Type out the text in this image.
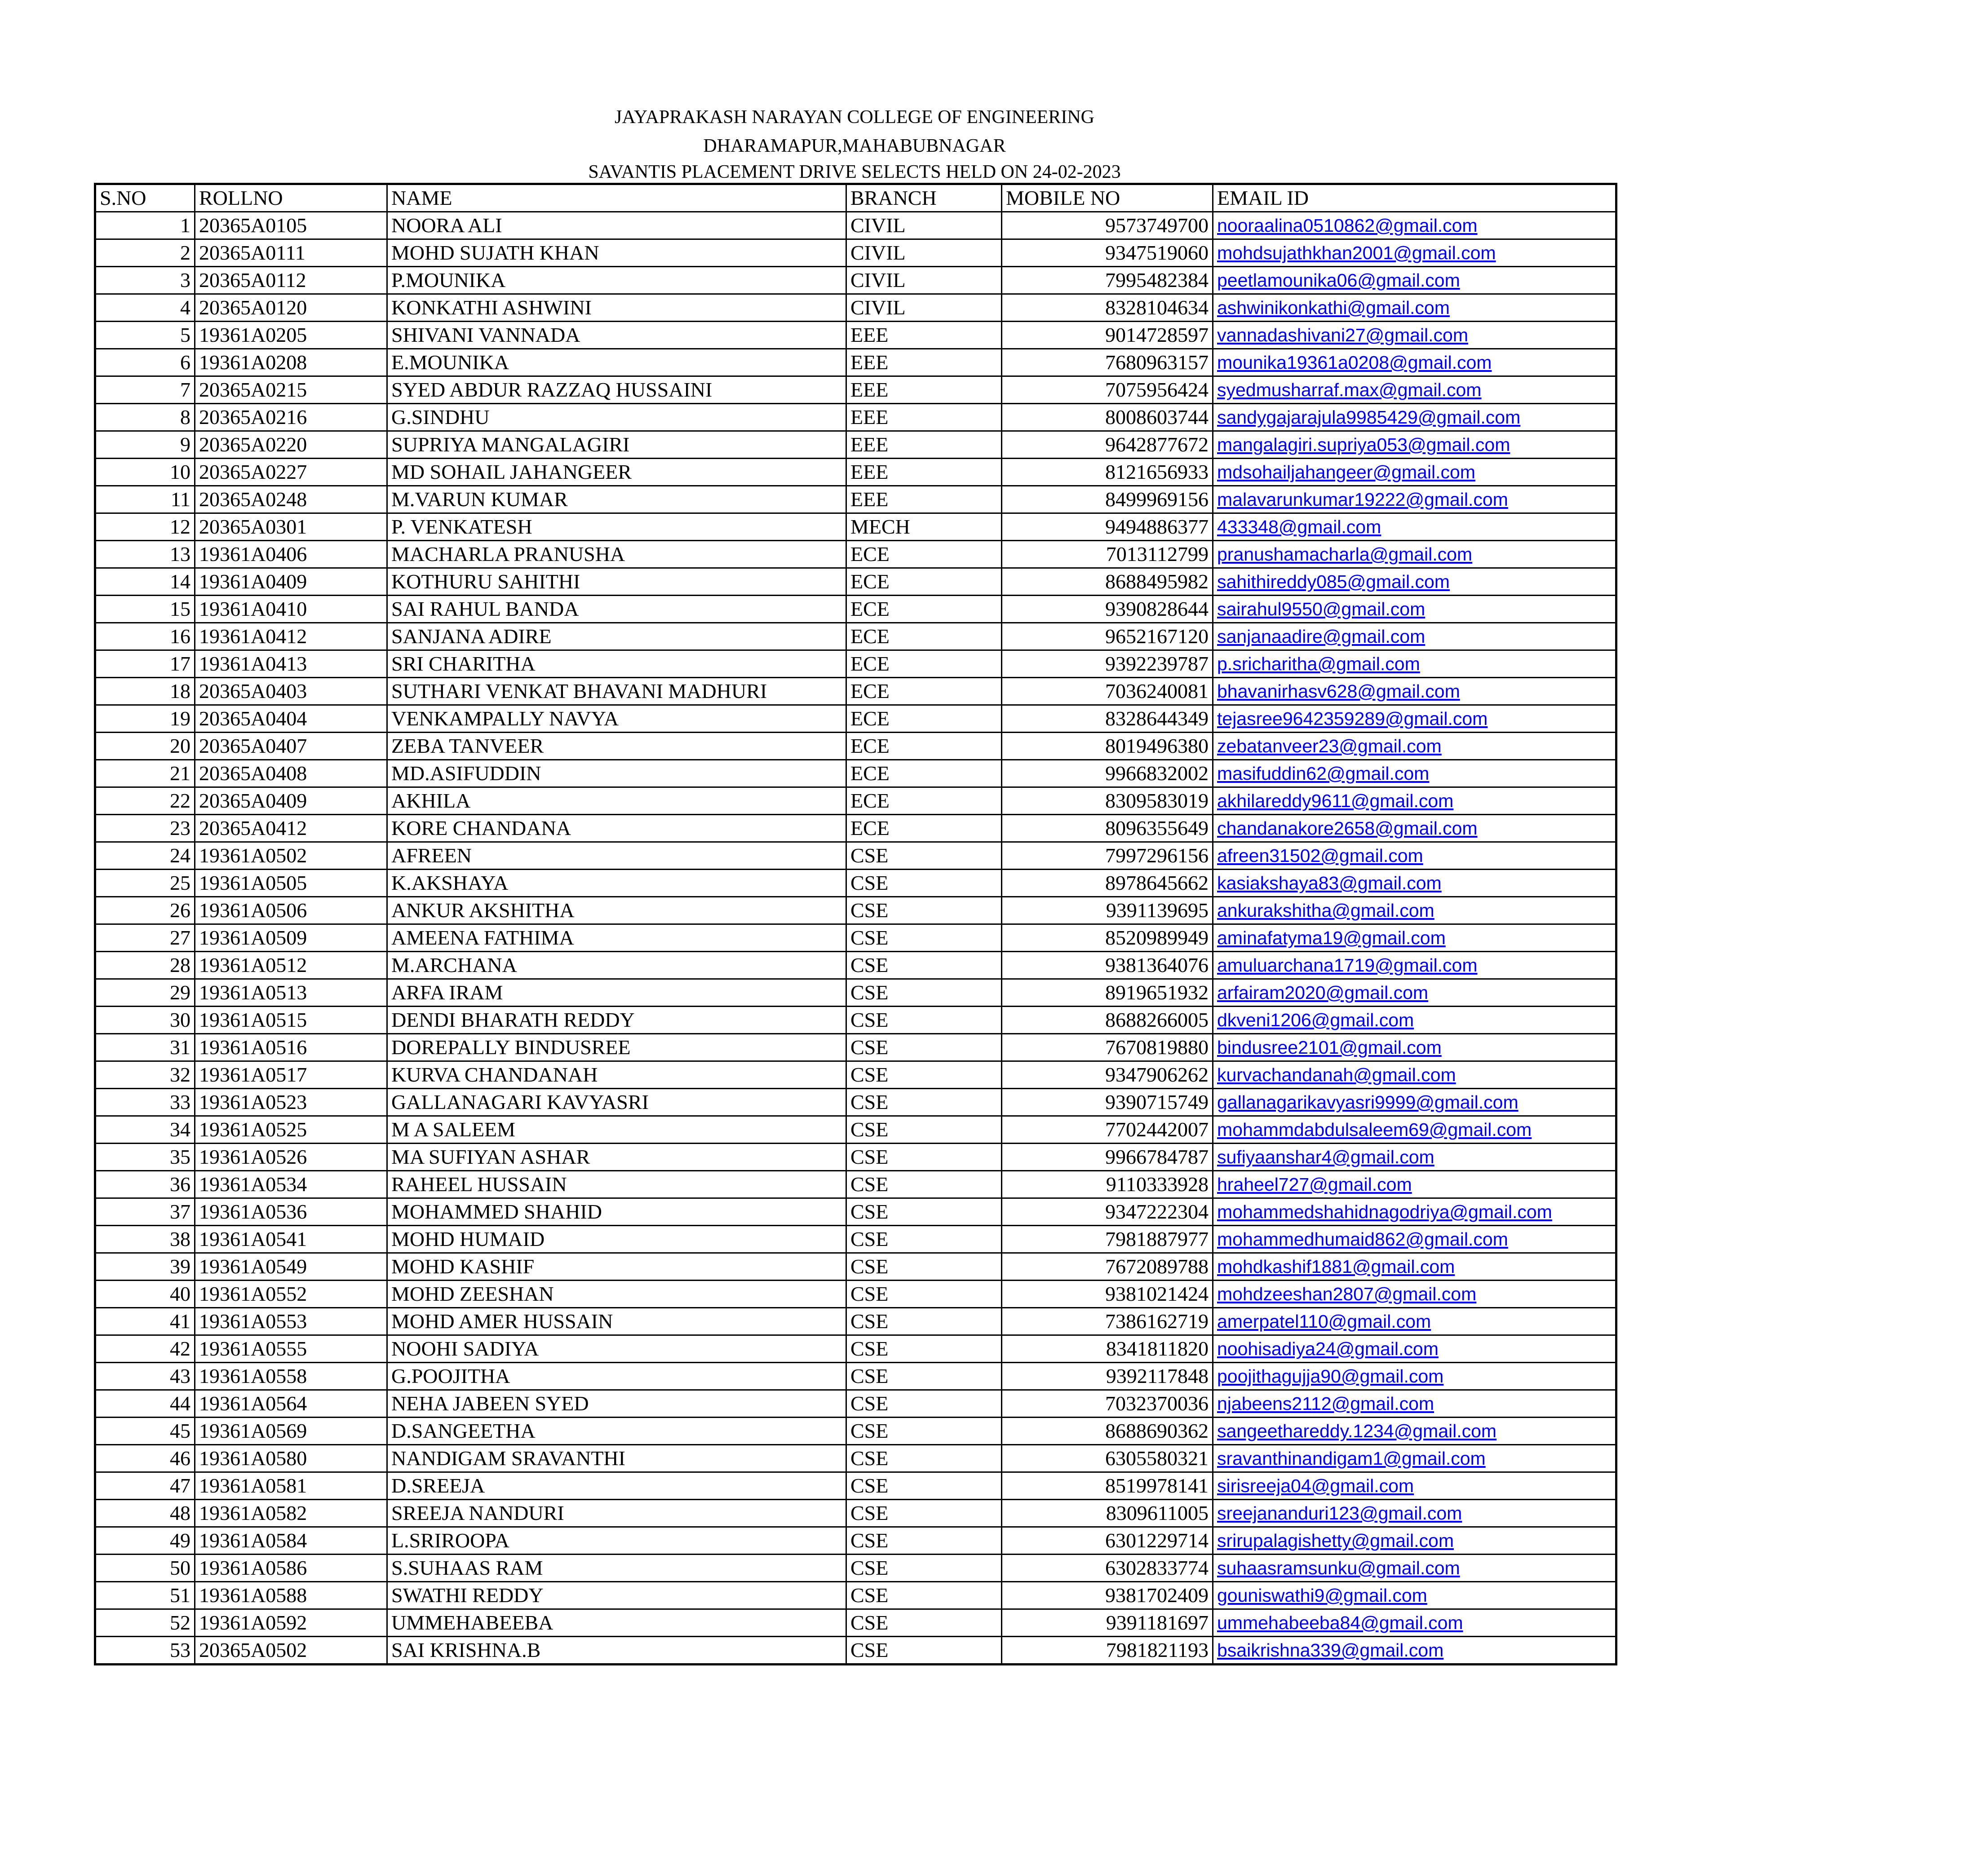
JAYAPRAKASH NARAYAN COLLEGE OF ENGINEERING
DHARAMAPUR,MAHABUBNAGAR
SAVANTIS PLACEMENT DRIVE SELECTS HELD ON 24-02-2023
S.NO	ROLLNO	NAME	BRANCH	MOBILE NO	EMAIL ID
1	20365A0105	NOORA ALI	CIVIL	9573749700	nooraalina0510862@gmail.com
2	20365A0111	MOHD SUJATH KHAN	CIVIL	9347519060	mohdsujathkhan2001@gmail.com
3	20365A0112	P.MOUNIKA	CIVIL	7995482384	peetlamounika06@gmail.com
4	20365A0120	KONKATHI ASHWINI	CIVIL	8328104634	ashwinikonkathi@gmail.com
5	19361A0205	SHIVANI VANNADA	EEE	9014728597	vannadashivani27@gmail.com
6	19361A0208	E.MOUNIKA	EEE	7680963157	mounika19361a0208@gmail.com
7	20365A0215	SYED ABDUR RAZZAQ HUSSAINI	EEE	7075956424	syedmusharraf.max@gmail.com
8	20365A0216	G.SINDHU	EEE	8008603744	sandygajarajula9985429@gmail.com
9	20365A0220	SUPRIYA MANGALAGIRI	EEE	9642877672	mangalagiri.supriya053@gmail.com
10	20365A0227	MD SOHAIL JAHANGEER	EEE	8121656933	mdsohailjahangeer@gmail.com
11	20365A0248	M.VARUN KUMAR	EEE	8499969156	malavarunkumar19222@gmail.com
12	20365A0301	P. VENKATESH	MECH	9494886377	433348@gmail.com
13	19361A0406	MACHARLA PRANUSHA	ECE	7013112799	pranushamacharla@gmail.com
14	19361A0409	KOTHURU SAHITHI	ECE	8688495982	sahithireddy085@gmail.com
15	19361A0410	SAI RAHUL BANDA	ECE	9390828644	sairahul9550@gmail.com
16	19361A0412	SANJANA ADIRE	ECE	9652167120	sanjanaadire@gmail.com
17	19361A0413	SRI CHARITHA	ECE	9392239787	p.sricharitha@gmail.com
18	20365A0403	SUTHARI VENKAT BHAVANI MADHURI	ECE	7036240081	bhavanirhasv628@gmail.com
19	20365A0404	VENKAMPALLY NAVYA	ECE	8328644349	tejasree9642359289@gmail.com
20	20365A0407	ZEBA TANVEER	ECE	8019496380	zebatanveer23@gmail.com
21	20365A0408	MD.ASIFUDDIN	ECE	9966832002	masifuddin62@gmail.com
22	20365A0409	AKHILA	ECE	8309583019	akhilareddy9611@gmail.com
23	20365A0412	KORE CHANDANA	ECE	8096355649	chandanakore2658@gmail.com
24	19361A0502	AFREEN	CSE	7997296156	afreen31502@gmail.com
25	19361A0505	K.AKSHAYA	CSE	8978645662	kasiakshaya83@gmail.com
26	19361A0506	ANKUR AKSHITHA	CSE	9391139695	ankurakshitha@gmail.com
27	19361A0509	AMEENA FATHIMA	CSE	8520989949	aminafatyma19@gmail.com
28	19361A0512	M.ARCHANA	CSE	9381364076	amuluarchana1719@gmail.com
29	19361A0513	ARFA IRAM	CSE	8919651932	arfairam2020@gmail.com
30	19361A0515	DENDI BHARATH REDDY	CSE	8688266005	dkveni1206@gmail.com
31	19361A0516	DOREPALLY BINDUSREE	CSE	7670819880	bindusree2101@gmail.com
32	19361A0517	KURVA CHANDANAH	CSE	9347906262	kurvachandanah@gmail.com
33	19361A0523	GALLANAGARI KAVYASRI	CSE	9390715749	gallanagarikavyasri9999@gmail.com
34	19361A0525	M A SALEEM	CSE	7702442007	mohammdabdulsaleem69@gmail.com
35	19361A0526	MA SUFIYAN ASHAR	CSE	9966784787	sufiyaanshar4@gmail.com
36	19361A0534	RAHEEL HUSSAIN	CSE	9110333928	hraheel727@gmail.com
37	19361A0536	MOHAMMED SHAHID	CSE	9347222304	mohammedshahidnagodriya@gmail.com
38	19361A0541	MOHD HUMAID	CSE	7981887977	mohammedhumaid862@gmail.com
39	19361A0549	MOHD KASHIF	CSE	7672089788	mohdkashif1881@gmail.com
40	19361A0552	MOHD ZEESHAN	CSE	9381021424	mohdzeeshan2807@gmail.com
41	19361A0553	MOHD AMER HUSSAIN	CSE	7386162719	amerpatel110@gmail.com
42	19361A0555	NOOHI SADIYA	CSE	8341811820	noohisadiya24@gmail.com
43	19361A0558	G.POOJITHA	CSE	9392117848	poojithagujja90@gmail.com
44	19361A0564	NEHA JABEEN SYED	CSE	7032370036	njabeens2112@gmail.com
45	19361A0569	D.SANGEETHA	CSE	8688690362	sangeethareddy.1234@gmail.com
46	19361A0580	NANDIGAM SRAVANTHI	CSE	6305580321	sravanthinandigam1@gmail.com
47	19361A0581	D.SREEJA	CSE	8519978141	sirisreeja04@gmail.com
48	19361A0582	SREEJA NANDURI	CSE	8309611005	sreejananduri123@gmail.com
49	19361A0584	L.SRIROOPA	CSE	6301229714	srirupalagishetty@gmail.com
50	19361A0586	S.SUHAAS RAM	CSE	6302833774	suhaasramsunku@gmail.com
51	19361A0588	SWATHI REDDY	CSE	9381702409	gouniswathi9@gmail.com
52	19361A0592	UMMEHABEEBA	CSE	9391181697	ummehabeeba84@gmail.com
53	20365A0502	SAI KRISHNA.B	CSE	7981821193	bsaikrishna339@gmail.com
